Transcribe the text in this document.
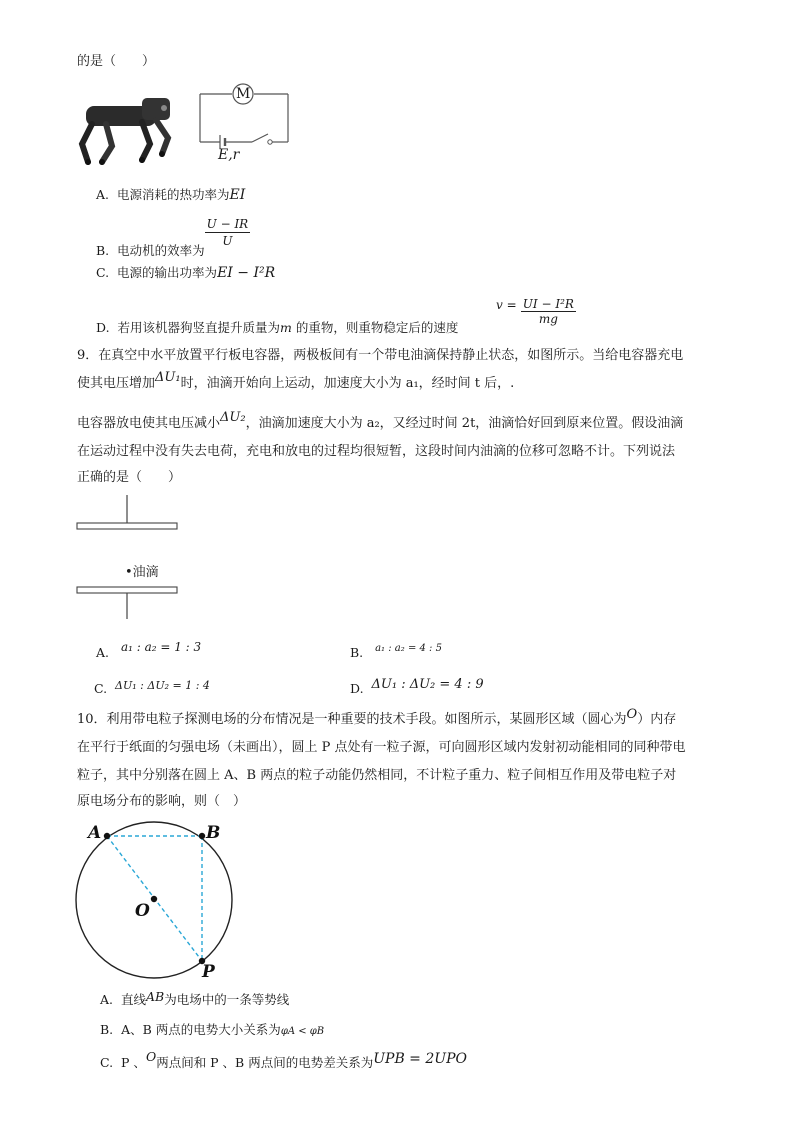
的是（　　）
M
E,r
A. 电源消耗的热功率为EI
B. 电动机的效率为
$\frac{U - IR}{U}$
C. 电源的输出功率为EI − I²R
D. 若用该机器狗竖直提升质量为m 的重物，则重物稳定后的速度
$v = \frac{\text{UI − I²R}}{mg}$
9．在真空中水平放置平行板电容器，两极板间有一个带电油滴保持静止状态，如图所示。当给电容器充电
使其电压增加ΔU₁时，油滴开始向上运动，加速度大小为 a₁，经时间 t 后，.
电容器放电使其电压减小ΔU₂，油滴加速度大小为 a₂，又经过时间 2t，油滴恰好回到原来位置。假设油滴
在运动过程中没有失去电荷，充电和放电的过程均很短暂，这段时间内油滴的位移可忽略不计。下列说法
正确的是（　　）
•油滴
A. a₁ : a₂ = 1 : 3	B. $^{a_1 : a_2 = 4 : 5}$
C. ΔU₁ : ΔU₂ = 1 : 4	D. ΔU₁ : ΔU₂ = 4 : 9
10．利用带电粒子探测电场的分布情况是一种重要的技术手段。如图所示，某圆形区域（圆心为O）内存
在平行于纸面的匀强电场（未画出），圆上 P 点处有一粒子源，可向圆形区域内发射初动能相同的同种带电
粒子，其中分别落在圆上 A、B 两点的粒子动能仍然相同，不计粒子重力、粒子间相互作用及带电粒子对
原电场分布的影响，则（　）
A	B
O
P
A. 直线AB为电场中的一条等势线
B. A、B 两点的电势大小关系为φA < φB
C. P 、O两点间和 P 、B 两点间的电势差关系为UPB = 2UPO
